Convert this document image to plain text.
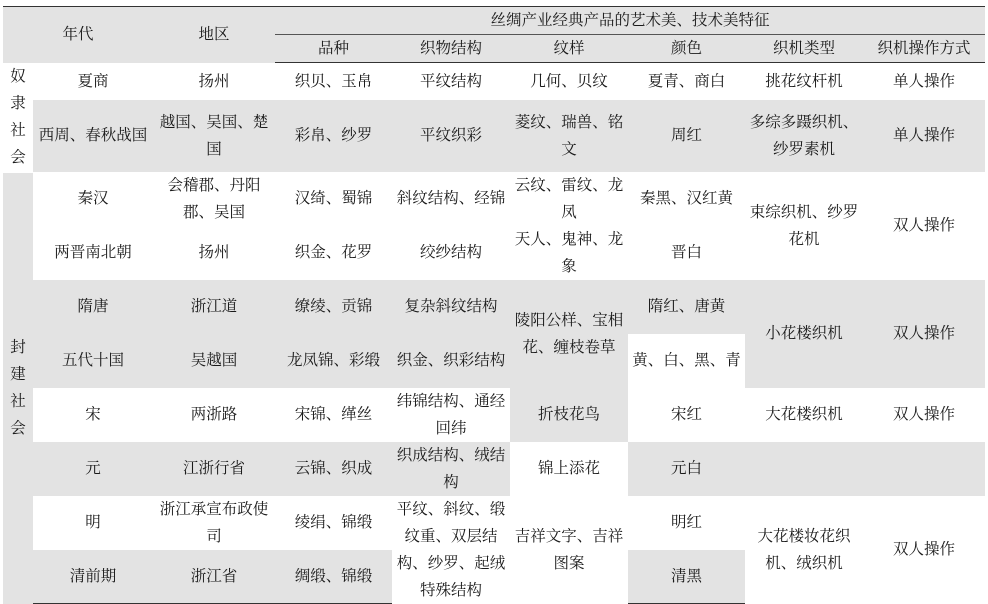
年代		地区	丝绸产业经典产品的艺术美、技术美特征					
			品种	织物结构	纹样	颜色	织机类型	织机操作方式
奴隶社会	夏商	扬州	织贝、玉帛	平纹结构	几何、贝纹	夏青、商白	挑花纹杆机	单人操作
	西周、春秋战国	越国、吴国、楚国	彩帛、纱罗	平纹织彩	菱纹、瑞兽、铭文	周红	多综多蹑织机、纱罗素机	单人操作
封建社会	秦汉	会稽郡、丹阳郡、吴国	汉绮、蜀锦	斜纹结构、经锦	云纹、雷纹、龙凤	秦黑、汉红黄	束综织机、纱罗花机	双人操作
	两晋南北朝	扬州	织金、花罗	绞纱结构	天人、鬼神、龙象	晋白		
	隋唐	浙江道	缭绫、贡锦	复杂斜纹结构	陵阳公样、宝相花、缠枝卷草	隋红、唐黄	小花楼织机	双人操作
	五代十国	吴越国	龙凤锦、彩缎	织金、织彩结构		黄、白、黑、青		
	宋	两浙路	宋锦、缂丝	纬锦结构、通经回纬	折枝花鸟	宋红	大花楼织机	双人操作
	元	江浙行省	云锦、织成	织成结构、绒结构	锦上添花	元白		
	明	浙江承宣布政使司	绫绢、锦缎	平纹、斜纹、缎纹重、双层结构、纱罗、起绒特殊结构	吉祥文字、吉祥图案	明红	大花楼妆花织机、绒织机	双人操作
	清前期	浙江省	绸缎、锦缎			清黑		
